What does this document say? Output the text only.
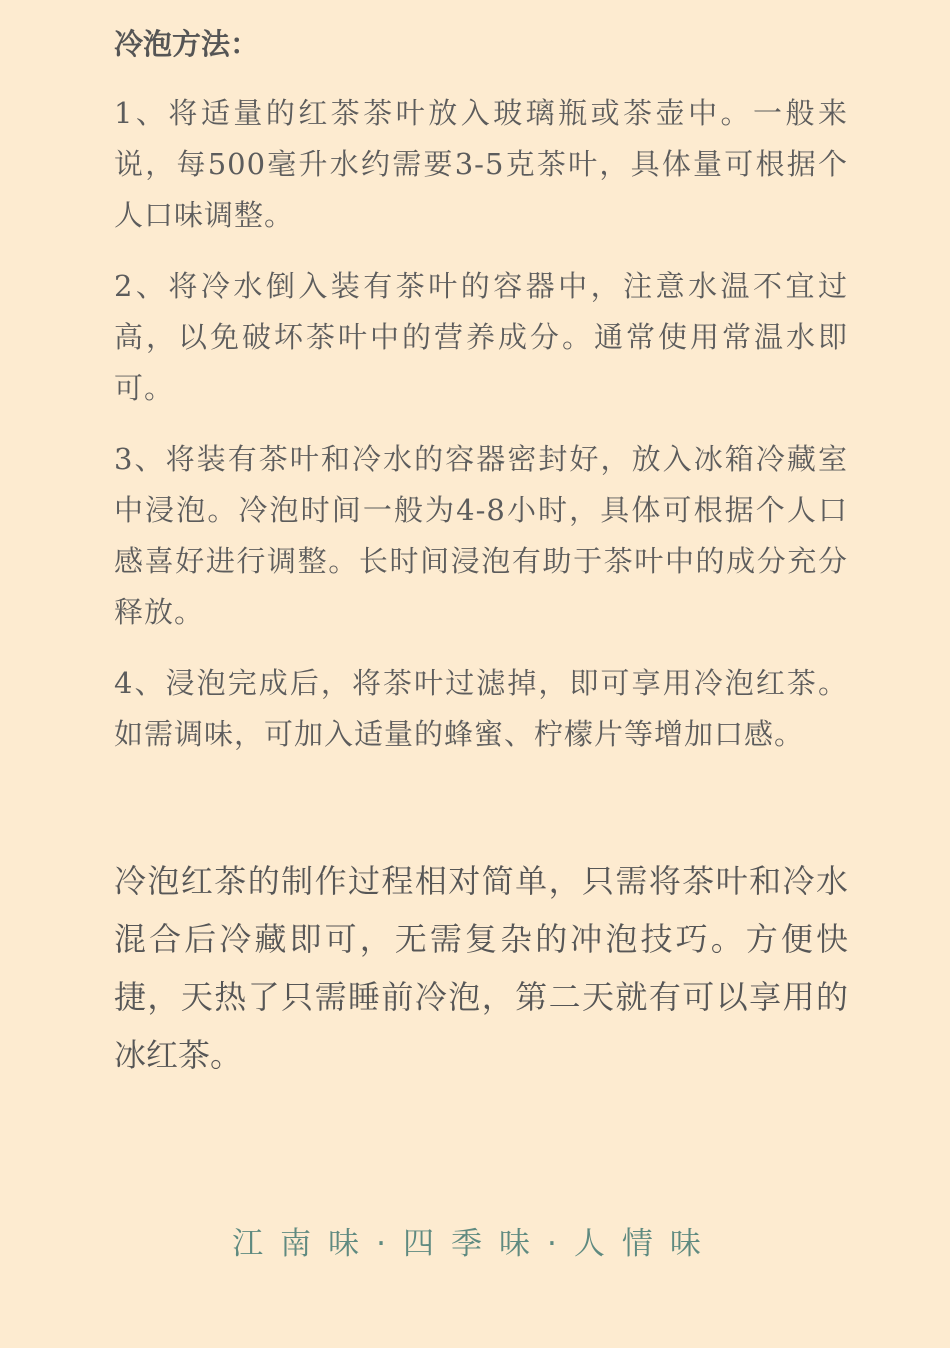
冷泡方法：

1、将适量的红茶茶叶放入玻璃瓶或茶壶中。一般来说，每500毫升水约需要3-5克茶叶，具体量可根据个人口味调整。

2、将冷水倒入装有茶叶的容器中，注意水温不宜过高，以免破坏茶叶中的营养成分。通常使用常温水即可。

3、将装有茶叶和冷水的容器密封好，放入冰箱冷藏室中浸泡。冷泡时间一般为4-8小时，具体可根据个人口感喜好进行调整。长时间浸泡有助于茶叶中的成分充分释放。

4、浸泡完成后，将茶叶过滤掉，即可享用冷泡红茶。如需调味，可加入适量的蜂蜜、柠檬片等增加口感。

冷泡红茶的制作过程相对简单，只需将茶叶和冷水混合后冷藏即可，无需复杂的冲泡技巧。方便快捷，天热了只需睡前冷泡，第二天就有可以享用的冰红茶。

江南味·四季味·人情味
